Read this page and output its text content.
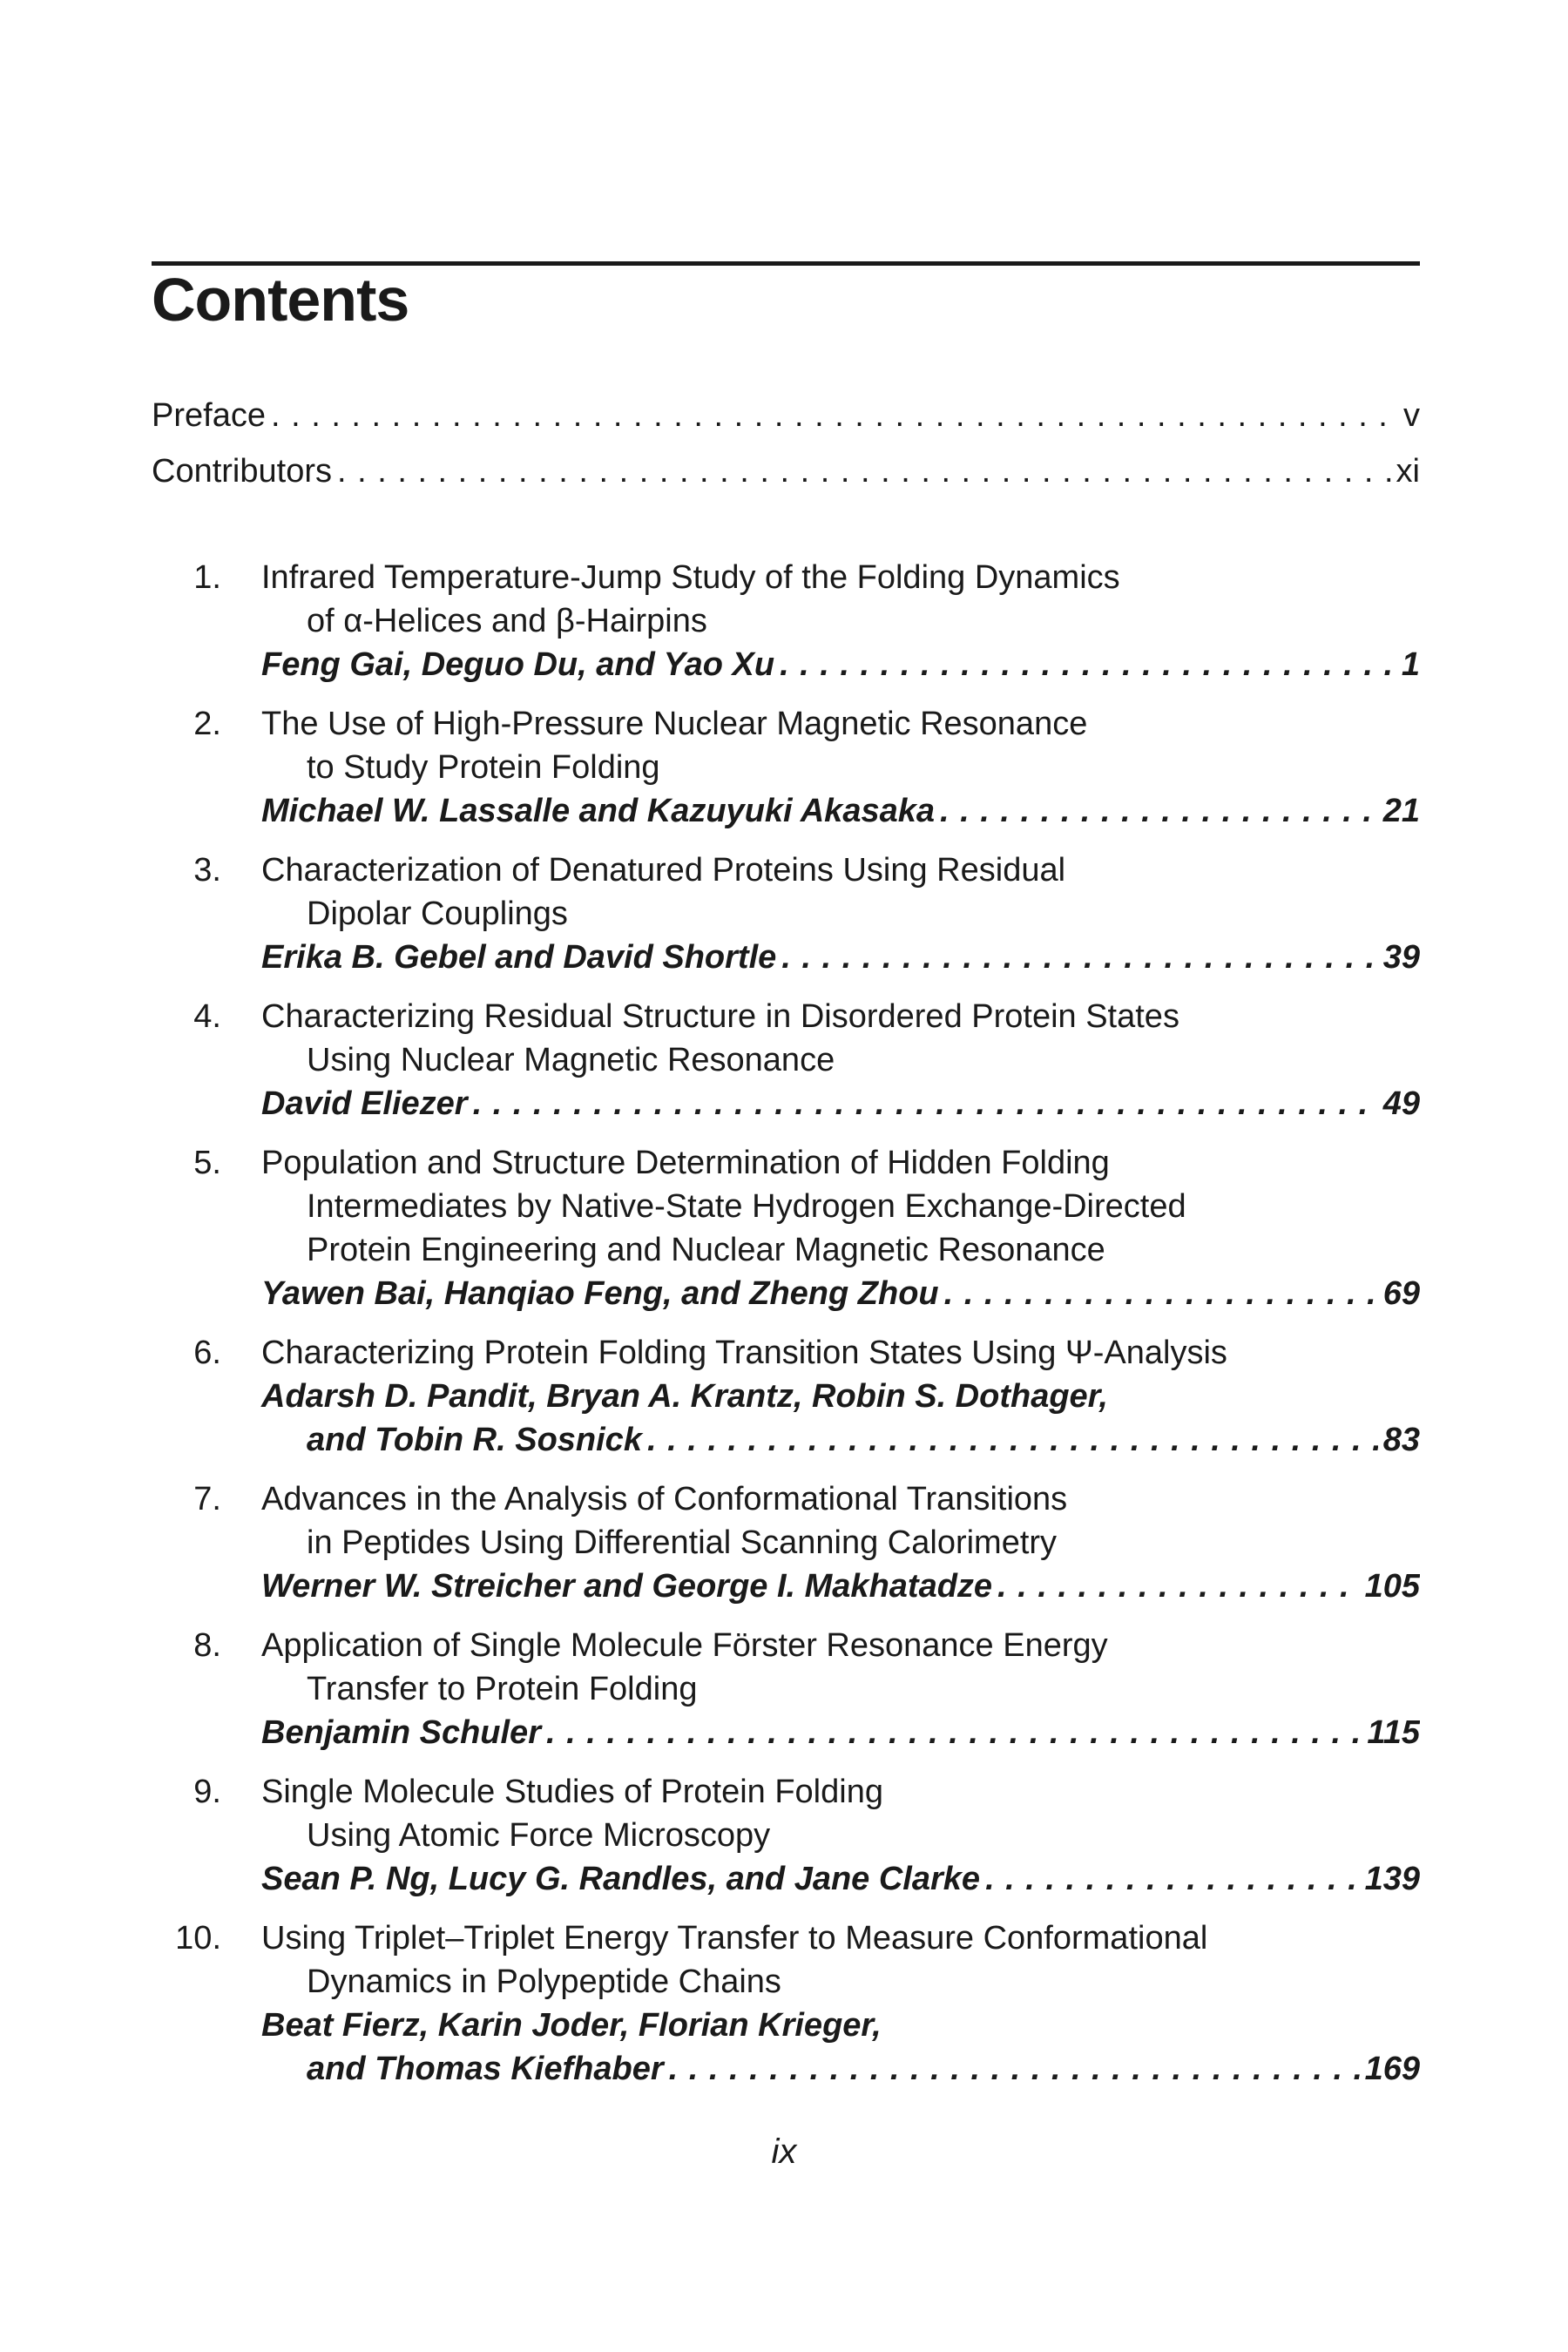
Contents
Preface . . .	v
Contributors . . .	xi
1. Infrared Temperature-Jump Study of the Folding Dynamics
of α-Helices and β-Hairpins
Feng Gai, Deguo Du, and Yao Xu . . .	1
2. The Use of High-Pressure Nuclear Magnetic Resonance
to Study Protein Folding
Michael W. Lassalle and Kazuyuki Akasaka . . .	21
3. Characterization of Denatured Proteins Using Residual
Dipolar Couplings
Erika B. Gebel and David Shortle . . .	39
4. Characterizing Residual Structure in Disordered Protein States
Using Nuclear Magnetic Resonance
David Eliezer . . .	49
5. Population and Structure Determination of Hidden Folding
Intermediates by Native-State Hydrogen Exchange-Directed
Protein Engineering and Nuclear Magnetic Resonance
Yawen Bai, Hanqiao Feng, and Zheng Zhou . . .	69
6. Characterizing Protein Folding Transition States Using Ψ-Analysis
Adarsh D. Pandit, Bryan A. Krantz, Robin S. Dothager,
and Tobin R. Sosnick . . .	83
7. Advances in the Analysis of Conformational Transitions
in Peptides Using Differential Scanning Calorimetry
Werner W. Streicher and George I. Makhatadze . . .	105
8. Application of Single Molecule Förster Resonance Energy
Transfer to Protein Folding
Benjamin Schuler . . .	115
9. Single Molecule Studies of Protein Folding
Using Atomic Force Microscopy
Sean P. Ng, Lucy G. Randles, and Jane Clarke . . .	139
10. Using Triplet–Triplet Energy Transfer to Measure Conformational
Dynamics in Polypeptide Chains
Beat Fierz, Karin Joder, Florian Krieger,
and Thomas Kiefhaber . . .	169
ix
